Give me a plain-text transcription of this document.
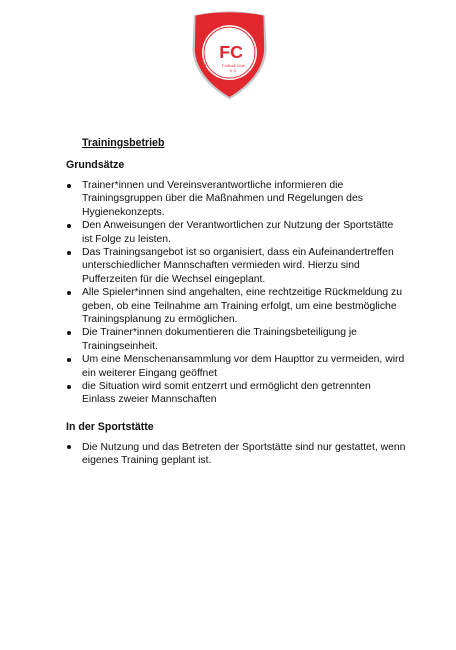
KÖPENICKER
FC
Fußball Club
e.V.
Trainingsbetrieb
Grundsätze
Trainer*innen und Vereinsverantwortliche informieren die Trainingsgruppen über die Maßnahmen und Regelungen des Hygienekonzepts.
Den Anweisungen der Verantwortlichen zur Nutzung der Sportstätte ist Folge zu leisten.
Das Trainingsangebot ist so organisiert, dass ein Aufeinandertreffen unterschiedlicher Mannschaften vermieden wird. Hierzu sind Pufferzeiten für die Wechsel eingeplant.
Alle Spieler*innen sind angehalten, eine rechtzeitige Rückmeldung zu geben, ob eine Teilnahme am Training erfolgt, um eine bestmögliche Trainingsplanung zu ermöglichen.
Die Trainer*innen dokumentieren die Trainingsbeteiligung je Trainingseinheit.
Um eine Menschenansammlung vor dem Haupttor zu vermeiden, wird ein weiterer Eingang geöffnet
die Situation wird somit entzerrt und ermöglicht den getrennten Einlass zweier Mannschaften
In der Sportstätte
Die Nutzung und das Betreten der Sportstätte sind nur gestattet, wenn eigenes Training geplant ist.
